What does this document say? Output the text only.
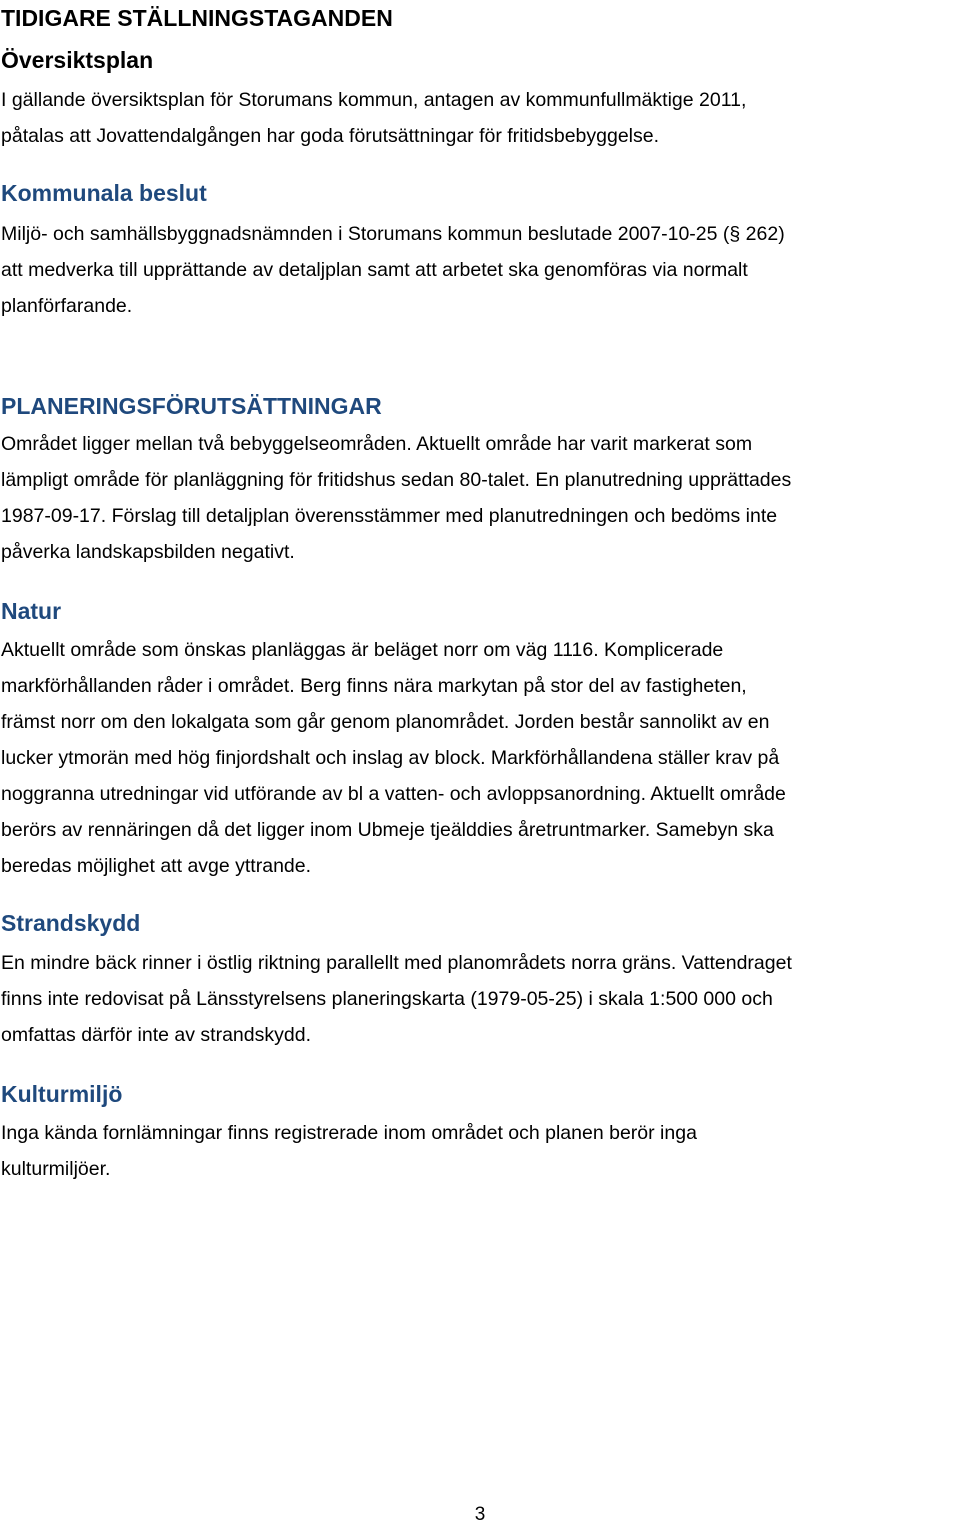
TIDIGARE STÄLLNINGSTAGANDEN
Översiktsplan
I gällande översiktsplan för Storumans kommun, antagen av kommunfullmäktige 2011,
påtalas att Jovattendalgången har goda förutsättningar för fritidsbebyggelse.
Kommunala beslut
Miljö- och samhällsbyggnadsnämnden i Storumans kommun beslutade 2007-10-25 (§ 262)
att medverka till upprättande av detaljplan samt att arbetet ska genomföras via normalt
planförfarande.
PLANERINGSFÖRUTSÄTTNINGAR
Området ligger mellan två bebyggelseområden. Aktuellt område har varit markerat som
lämpligt område för planläggning för fritidshus sedan 80-talet. En planutredning upprättades
1987-09-17. Förslag till detaljplan överensstämmer med planutredningen och bedöms inte
påverka landskapsbilden negativt.
Natur
Aktuellt område som önskas planläggas är beläget norr om väg 1116. Komplicerade
markförhållanden råder i området. Berg finns nära markytan på stor del av fastigheten,
främst norr om den lokalgata som går genom planområdet. Jorden består sannolikt av en
lucker ytmorän med hög finjordshalt och inslag av block. Markförhållandena ställer krav på
noggranna utredningar vid utförande av bl a vatten- och avloppsanordning. Aktuellt område
berörs av rennäringen då det ligger inom Ubmeje tjeälddies åretruntmarker. Samebyn ska
beredas möjlighet att avge yttrande.
Strandskydd
En mindre bäck rinner i östlig riktning parallellt med planområdets norra gräns. Vattendraget
finns inte redovisat på Länsstyrelsens planeringskarta (1979-05-25) i skala 1:500 000 och
omfattas därför inte av strandskydd.
Kulturmiljö
Inga kända fornlämningar finns registrerade inom området och planen berör inga
kulturmiljöer.
3
